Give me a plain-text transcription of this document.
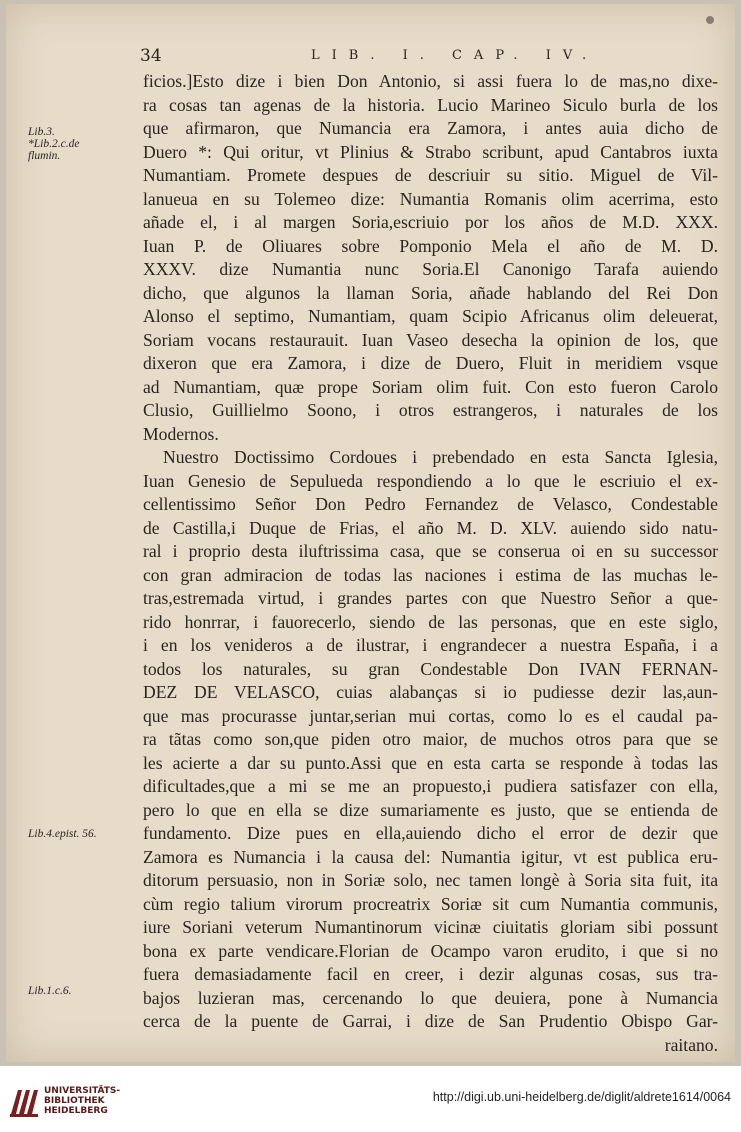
34	LIB. I. CAP. IV.
Lib.3.
*Lib.2.c.de flumin.
Lib.4.epist. 56.
Lib.1.c.6.
ficios.]Esto dize i bien Don Antonio, si assi fuera lo de mas,no dixe-
ra cosas tan agenas de la historia. Lucio Marineo Siculo burla de los
que afirmaron, que Numancia era Zamora, i antes auia dicho de
Duero *: Qui oritur, vt Plinius & Strabo scribunt, apud Cantabros iuxta
Numantiam. Promete despues de descriuir su sitio. Miguel de Vil-
lanueua en su Tolemeo dize: Numantia Romanis olim acerrima, esto
añade el, i al margen Soria,escriuio por los años de M.D. XXX.
Iuan P. de Oliuares sobre Pomponio Mela el año de M. D.
XXXV. dize Numantia nunc Soria.El Canonigo Tarafa auiendo
dicho, que algunos la llaman Soria, añade hablando del Rei Don
Alonso el septimo, Numantiam, quam Scipio Africanus olim deleuerat,
Soriam vocans restaurauit. Iuan Vaseo desecha la opinion de los, que
dixeron que era Zamora, i dize de Duero, Fluit in meridiem vsque
ad Numantiam, quæ prope Soriam olim fuit. Con esto fueron Carolo
Clusio, Guillielmo Soono, i otros estrangeros, i naturales de los
Modernos.
Nuestro Doctissimo Cordoues i prebendado en esta Sancta Iglesia,
Iuan Genesio de Sepulueda respondiendo a lo que le escriuio el ex-
cellentissimo Señor Don Pedro Fernandez de Velasco, Condestable
de Castilla,i Duque de Frias, el año M. D. XLV. auiendo sido natu-
ral i proprio desta iluftrissima casa, que se conserua oi en su successor
con gran admiracion de todas las naciones i estima de las muchas le-
tras,estremada virtud, i grandes partes con que Nuestro Señor a que-
rido honrrar, i fauorecerlo, siendo de las personas, que en este siglo,
i en los venideros a de ilustrar, i engrandecer a nuestra España, i a
todos los naturales, su gran Condestable Don IVAN FERNAN-
DEZ DE VELASCO, cuias alabanças si io pudiesse dezir las,aun-
que mas procurasse juntar,serian mui cortas, como lo es el caudal pa-
ra tãtas como son,que piden otro maior, de muchos otros para que se
les acierte a dar su punto.Assi que en esta carta se responde à todas las
dificultades,que a mi se me an propuesto,i pudiera satisfazer con ella,
pero lo que en ella se dize sumariamente es justo, que se entienda de
fundamento. Dize pues en ella,auiendo dicho el error de dezir que
Zamora es Numancia i la causa del: Numantia igitur, vt est publica eru-
ditorum persuasio, non in Soriæ solo, nec tamen longè à Soria sita fuit, ita
cùm regio talium virorum procreatrix Soriæ sit cum Numantia communis,
iure Soriani veterum Numantinorum vicinæ ciuitatis gloriam sibi possunt
bona ex parte vendicare.Florian de Ocampo varon erudito, i que si no
fuera demasiadamente facil en creer, i dezir algunas cosas, sus tra-
bajos luzieran mas, cercenando lo que deuiera, pone à Numancia
cerca de la puente de Garrai, i dize de San Prudentio Obispo Gar-
raitano.
UNIVERSITÄTS-
BIBLIOTHEK
HEIDELBERG
http://digi.ub.uni-heidelberg.de/diglit/aldrete1614/0064
